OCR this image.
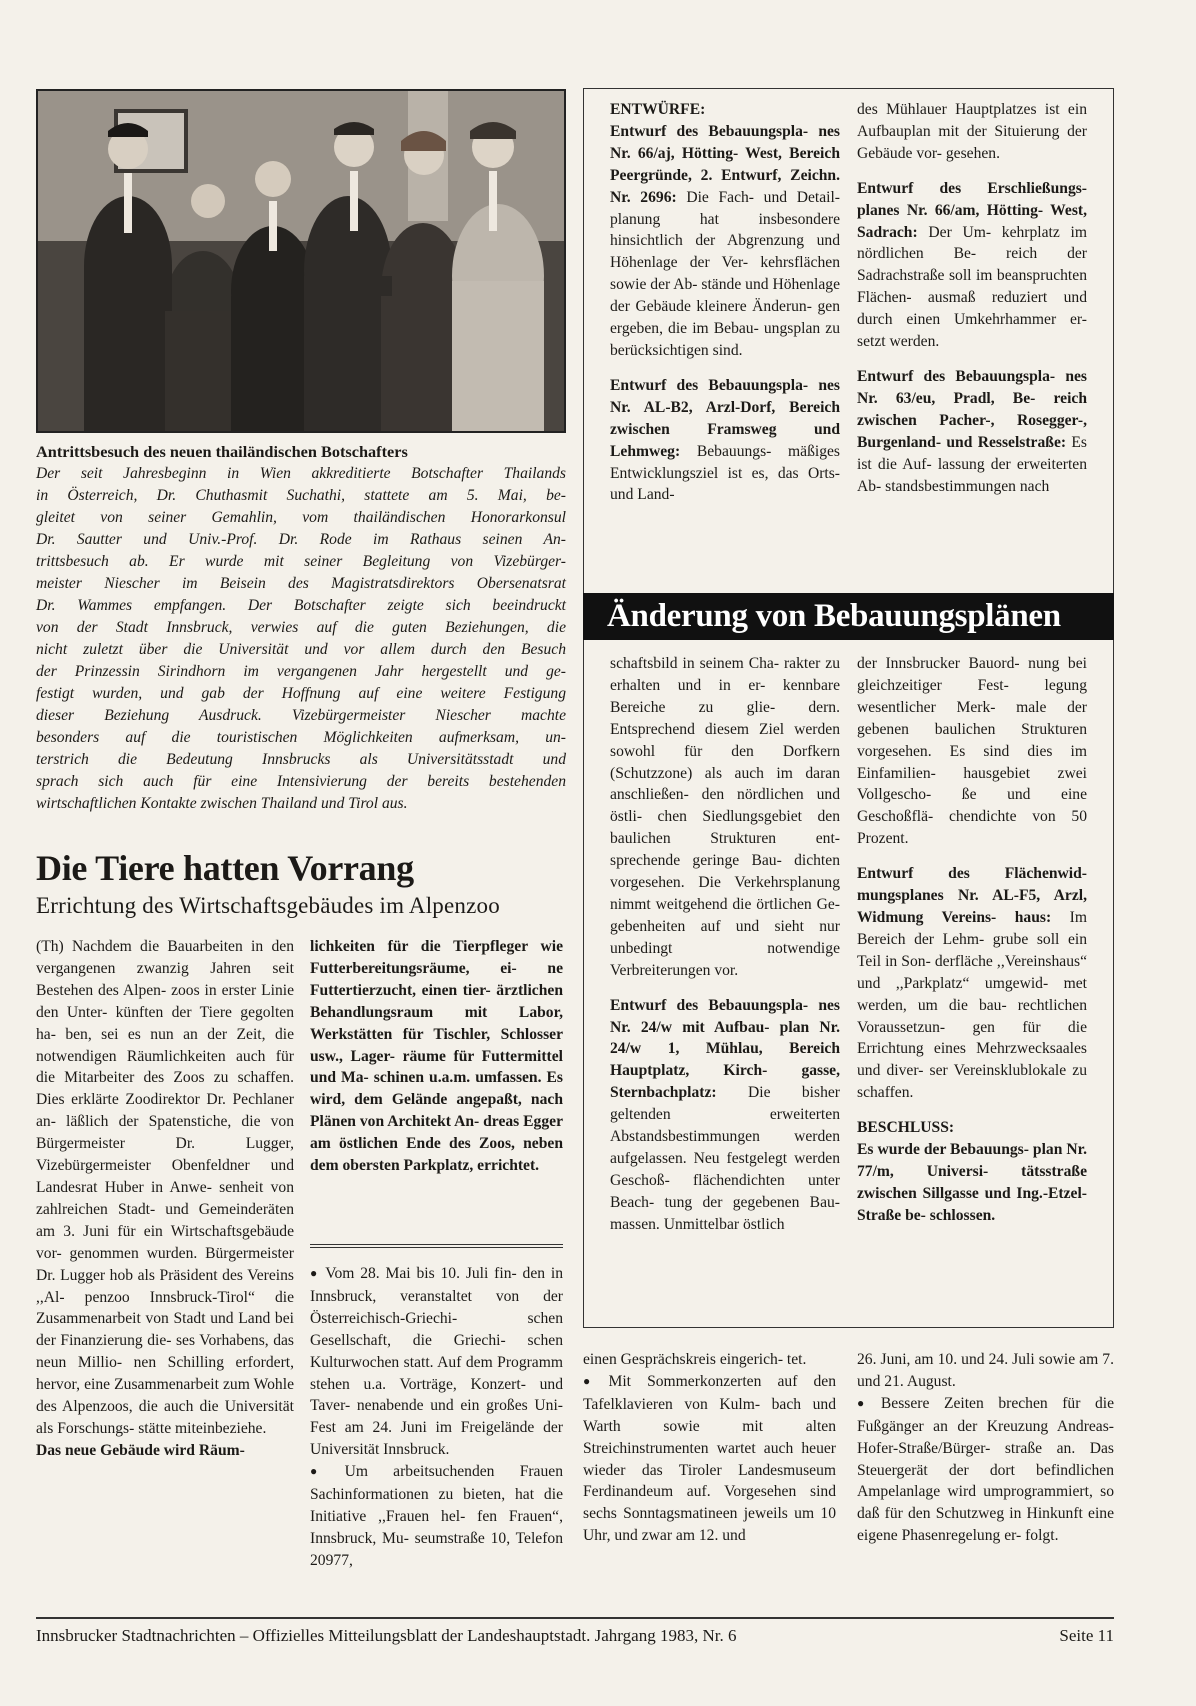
Antrittsbesuch des neuen thailändischen Botschafters
Der seit Jahresbeginn in Wien akkreditierte Botschafter Thailands
in Österreich, Dr. Chuthasmit Suchathi, stattete am 5. Mai, be-
gleitet von seiner Gemahlin, vom thailändischen Honorarkonsul
Dr. Sautter und Univ.-Prof. Dr. Rode im Rathaus seinen An-
trittsbesuch ab. Er wurde mit seiner Begleitung von Vizebürger-
meister Niescher im Beisein des Magistratsdirektors Obersenatsrat
Dr. Wammes empfangen. Der Botschafter zeigte sich beeindruckt
von der Stadt Innsbruck, verwies auf die guten Beziehungen, die
nicht zuletzt über die Universität und vor allem durch den Besuch
der Prinzessin Sirindhorn im vergangenen Jahr hergestellt und ge-
festigt wurden, und gab der Hoffnung auf eine weitere Festigung
dieser Beziehung Ausdruck. Vizebürgermeister Niescher machte
besonders auf die touristischen Möglichkeiten aufmerksam, un-
terstrich die Bedeutung Innsbrucks als Universitätsstadt und
sprach sich auch für eine Intensivierung der bereits bestehenden
wirtschaftlichen Kontakte zwischen Thailand und Tirol aus.

ENTWÜRFE:

Entwurf des Bebauungspla- nes Nr. 66/aj, Hötting- West, Bereich Peergründe, 2. Entwurf, Zeichn. Nr. 2696: Die Fach- und Detail- planung hat insbesondere hinsichtlich der Abgrenzung und Höhenlage der Ver- kehrsflächen sowie der Ab- stände und Höhenlage der Gebäude kleinere Änderun- gen ergeben, die im Bebau- ungsplan zu berücksichtigen sind.

Entwurf des Bebauungspla- nes Nr. AL-B2, Arzl-Dorf, Bereich zwischen Framsweg und Lehmweg: Bebauungs- mäßiges Entwicklungsziel ist es, das Orts- und Land-

des Mühlauer Hauptplatzes ist ein Aufbauplan mit der Situierung der Gebäude vor- gesehen.

Entwurf des Erschließungs- planes Nr. 66/am, Hötting- West, Sadrach: Der Um- kehrplatz im nördlichen Be- reich der Sadrachstraße soll im beanspruchten Flächen- ausmaß reduziert und durch einen Umkehrhammer er- setzt werden.

Entwurf des Bebauungspla- nes Nr. 63/eu, Pradl, Be- reich zwischen Pacher-, Rosegger-, Burgenland- und Resselstraße: Es ist die Auf- lassung der erweiterten Ab- standsbestimmungen nach

Änderung von Bebauungsplänen

schaftsbild in seinem Cha- rakter zu erhalten und in er- kennbare Bereiche zu glie- dern. Entsprechend diesem Ziel werden sowohl für den Dorfkern (Schutzzone) als auch im daran anschließen- den nördlichen und östli- chen Siedlungsgebiet den baulichen Strukturen ent- sprechende geringe Bau- dichten vorgesehen. Die Verkehrsplanung nimmt weitgehend die örtlichen Ge- gebenheiten auf und sieht nur unbedingt notwendige Verbreiterungen vor.

Entwurf des Bebauungspla- nes Nr. 24/w mit Aufbau- plan Nr. 24/w 1, Mühlau, Bereich Hauptplatz, Kirch- gasse, Sternbachplatz: Die bisher geltenden erweiterten Abstandsbestimmungen werden aufgelassen. Neu festgelegt werden Geschoß- flächendichten unter Beach- tung der gegebenen Bau- massen. Unmittelbar östlich

der Innsbrucker Bauord- nung bei gleichzeitiger Fest- legung wesentlicher Merk- male der gebenen baulichen Strukturen vorgesehen. Es sind dies im Einfamilien- hausgebiet zwei Vollgescho- ße und eine Geschoßflä- chendichte von 50 Prozent.

Entwurf des Flächenwid- mungsplanes Nr. AL-F5, Arzl, Widmung Vereins- haus: Im Bereich der Lehm- grube soll ein Teil in Son- derfläche ,,Vereinshaus“ und ,,Parkplatz“ umgewid- met werden, um die bau- rechtlichen Voraussetzun- gen für die Errichtung eines Mehrzwecksaales und diver- ser Vereinsklublokale zu schaffen.

BESCHLUSS:

Es wurde der Bebauungs- plan Nr. 77/m, Universi- tätsstraße zwischen Sillgasse und Ing.-Etzel-Straße be- schlossen.

Die Tiere hatten Vorrang
Errichtung des Wirtschaftsgebäudes im Alpenzoo

(Th) Nachdem die Bauarbeiten in den vergangenen zwanzig Jahren seit Bestehen des Alpen- zoos in erster Linie den Unter- künften der Tiere gegolten ha- ben, sei es nun an der Zeit, die notwendigen Räumlichkeiten auch für die Mitarbeiter des Zoos zu schaffen. Dies erklärte Zoodirektor Dr. Pechlaner an- läßlich der Spatenstiche, die von Bürgermeister Dr. Lugger, Vizebürgermeister Obenfeldner und Landesrat Huber in Anwe- senheit von zahlreichen Stadt- und Gemeinderäten am 3. Juni für ein Wirtschaftsgebäude vor- genommen wurden. Bürgermeister Dr. Lugger hob als Präsident des Vereins ,,Al- penzoo Innsbruck-Tirol“ die Zusammenarbeit von Stadt und Land bei der Finanzierung die- ses Vorhabens, das neun Millio- nen Schilling erfordert, hervor, eine Zusammenarbeit zum Wohle des Alpenzoos, die auch die Universität als Forschungs- stätte miteinbeziehe.

Das neue Gebäude wird Räum-

lichkeiten für die Tierpfleger wie Futterbereitungsräume, ei- ne Futtertierzucht, einen tier- ärztlichen Behandlungsraum mit Labor, Werkstätten für Tischler, Schlosser usw., Lager- räume für Futtermittel und Ma- schinen u.a.m. umfassen. Es wird, dem Gelände angepaßt, nach Plänen von Architekt An- dreas Egger am östlichen Ende des Zoos, neben dem obersten Parkplatz, errichtet.

● Vom 28. Mai bis 10. Juli fin- den in Innsbruck, veranstaltet von der Österreichisch-Griechi- schen Gesellschaft, die Griechi- schen Kulturwochen statt. Auf dem Programm stehen u.a. Vorträge, Konzert- und Taver- nenabende und ein großes Uni- Fest am 24. Juni im Freigelände der Universität Innsbruck.

● Um arbeitsuchenden Frauen Sachinformationen zu bieten, hat die Initiative ,,Frauen hel- fen Frauen“, Innsbruck, Mu- seumstraße 10, Telefon 20977,

einen Gesprächskreis eingerich- tet.

● Mit Sommerkonzerten auf den Tafelklavieren von Kulm- bach und Warth sowie mit alten Streichinstrumenten wartet auch heuer wieder das Tiroler Landesmuseum Ferdinandeum auf. Vorgesehen sind sechs Sonntagsmatineen jeweils um 10 Uhr, und zwar am 12. und

26. Juni, am 10. und 24. Juli sowie am 7. und 21. August.

● Bessere Zeiten brechen für die Fußgänger an der Kreuzung Andreas-Hofer-Straße/Bürger- straße an. Das Steuergerät der dort befindlichen Ampelanlage wird umprogrammiert, so daß für den Schutzweg in Hinkunft eine eigene Phasenregelung er- folgt.

Innsbrucker Stadtnachrichten – Offizielles Mitteilungsblatt der Landeshauptstadt. Jahrgang 1983, Nr. 6	Seite 11
